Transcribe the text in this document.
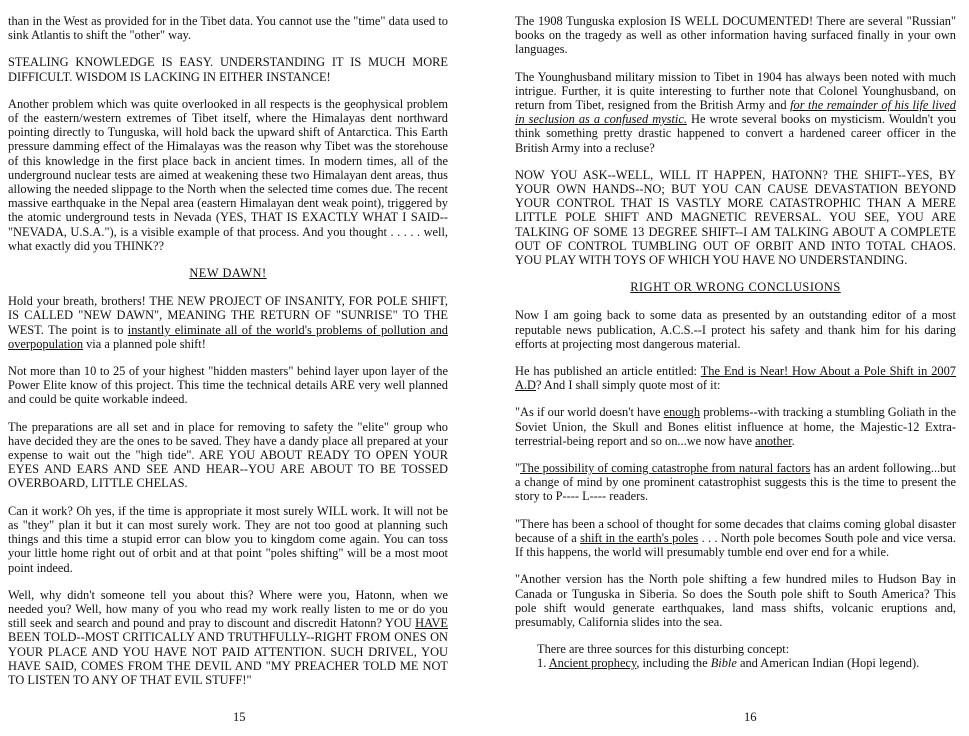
than in the West as provided for in the Tibet data. You cannot use the "time" data used to sink Atlantis to shift the "other" way.

STEALING KNOWLEDGE IS EASY. UNDERSTANDING IT IS MUCH MORE DIFFICULT. WISDOM IS LACKING IN EITHER INSTANCE!

Another problem which was quite overlooked in all respects is the geophysical problem of the eastern/western extremes of Tibet itself, where the Himalayas dent northward pointing directly to Tunguska, will hold back the upward shift of Antarctica. This Earth pressure damming effect of the Himalayas was the reason why Tibet was the storehouse of this knowledge in the first place back in ancient times. In modern times, all of the underground nuclear tests are aimed at weakening these two Himalayan dent areas, thus allowing the needed slippage to the North when the selected time comes due. The recent massive earthquake in the Nepal area (eastern Himalayan dent weak point), triggered by the atomic underground tests in Nevada (YES, THAT IS EXACTLY WHAT I SAID--"NEVADA, U.S.A."), is a visible example of that process. And you thought . . . . . well, what exactly did you THINK??

NEW DAWN!

Hold your breath, brothers! THE NEW PROJECT OF INSANITY, FOR POLE SHIFT, IS CALLED "NEW DAWN", MEANING THE RETURN OF "SUNRISE" TO THE WEST. The point is to instantly eliminate all of the world's problems of pollution and overpopulation via a planned pole shift!

Not more than 10 to 25 of your highest "hidden masters" behind layer upon layer of the Power Elite know of this project. This time the technical details ARE very well planned and could be quite workable indeed.

The preparations are all set and in place for removing to safety the "elite" group who have decided they are the ones to be saved. They have a dandy place all prepared at your expense to wait out the "high tide". ARE YOU ABOUT READY TO OPEN YOUR EYES AND EARS AND SEE AND HEAR--YOU ARE ABOUT TO BE TOSSED OVERBOARD, LITTLE CHELAS.

Can it work? Oh yes, if the time is appropriate it most surely WILL work. It will not be as "they" plan it but it can most surely work. They are not too good at planning such things and this time a stupid error can blow you to kingdom come again. You can toss your little home right out of orbit and at that point "poles shifting" will be a most moot point indeed.

Well, why didn't someone tell you about this? Where were you, Hatonn, when we needed you? Well, how many of you who read my work really listen to me or do you still seek and search and pound and pray to discount and discredit Hatonn? YOU HAVE BEEN TOLD--MOST CRITICALLY AND TRUTHFULLY--RIGHT FROM ONES ON YOUR PLACE AND YOU HAVE NOT PAID ATTENTION. SUCH DRIVEL, YOU HAVE SAID, COMES FROM THE DEVIL AND "MY PREACHER TOLD ME NOT TO LISTEN TO ANY OF THAT EVIL STUFF!"

15

The 1908 Tunguska explosion IS WELL DOCUMENTED! There are several "Russian" books on the tragedy as well as other information having surfaced finally in your own languages.

The Younghusband military mission to Tibet in 1904 has always been noted with much intrigue. Further, it is quite interesting to further note that Colonel Younghusband, on return from Tibet, resigned from the British Army and for the remainder of his life lived in seclusion as a confused mystic. He wrote several books on mysticism. Wouldn't you think something pretty drastic happened to convert a hardened career officer in the British Army into a recluse?

NOW YOU ASK--WELL, WILL IT HAPPEN, HATONN? THE SHIFT--YES, BY YOUR OWN HANDS--NO; BUT YOU CAN CAUSE DEVASTATION BEYOND YOUR CONTROL THAT IS VASTLY MORE CATASTROPHIC THAN A MERE LITTLE POLE SHIFT AND MAGNETIC REVERSAL. YOU SEE, YOU ARE TALKING OF SOME 13 DEGREE SHIFT--I AM TALKING ABOUT A COMPLETE OUT OF CONTROL TUMBLING OUT OF ORBIT AND INTO TOTAL CHAOS. YOU PLAY WITH TOYS OF WHICH YOU HAVE NO UNDERSTANDING.

RIGHT OR WRONG CONCLUSIONS

Now I am going back to some data as presented by an outstanding editor of a most reputable news publication, A.C.S.--I protect his safety and thank him for his daring efforts at projecting most dangerous material.

He has published an article entitled: The End is Near! How About a Pole Shift in 2007 A.D? And I shall simply quote most of it:

"As if our world doesn't have enough problems--with tracking a stumbling Goliath in the Soviet Union, the Skull and Bones elitist influence at home, the Majestic-12 Extra-terrestrial-being report and so on...we now have another.

"The possibility of coming catastrophe from natural factors has an ardent following...but a change of mind by one prominent catastrophist suggests this is the time to present the story to P---- L---- readers.

"There has been a school of thought for some decades that claims coming global disaster because of a shift in the earth's poles . . . North pole becomes South pole and vice versa. If this happens, the world will presumably tumble end over end for a while.

"Another version has the North pole shifting a few hundred miles to Hudson Bay in Canada or Tunguska in Siberia. So does the South pole shift to South America? This pole shift would generate earthquakes, land mass shifts, volcanic eruptions and, presumably, California slides into the sea.

There are three sources for this disturbing concept:

1. Ancient prophecy, including the Bible and American Indian (Hopi legend).

16
